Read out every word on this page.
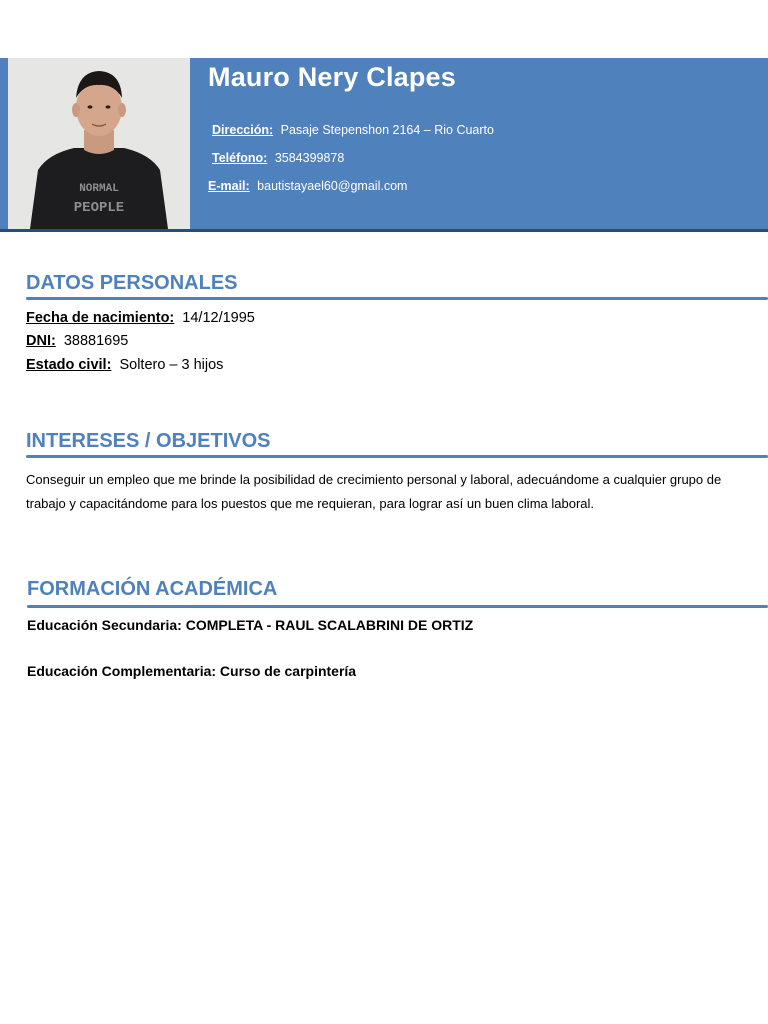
NORMAL
PEOPLE
Mauro Nery Clapes
Dirección: Pasaje Stepenshon 2164 – Rio Cuarto
Teléfono: 3584399878
E-mail: bautistayael60@gmail.com
DATOS PERSONALES
Fecha de nacimiento: 14/12/1995
DNI: 38881695
Estado civil: Soltero – 3 hijos
INTERESES / OBJETIVOS

Conseguir un empleo que me brinde la posibilidad de crecimiento personal y laboral, adecuándome a cualquier grupo de trabajo y capacitándome para los puestos que me requieran, para lograr así un buen clima laboral.

FORMACIÓN ACADÉMICA
Educación Secundaria: COMPLETA - RAUL SCALABRINI DE ORTIZ
Educación Complementaria: Curso de carpintería
